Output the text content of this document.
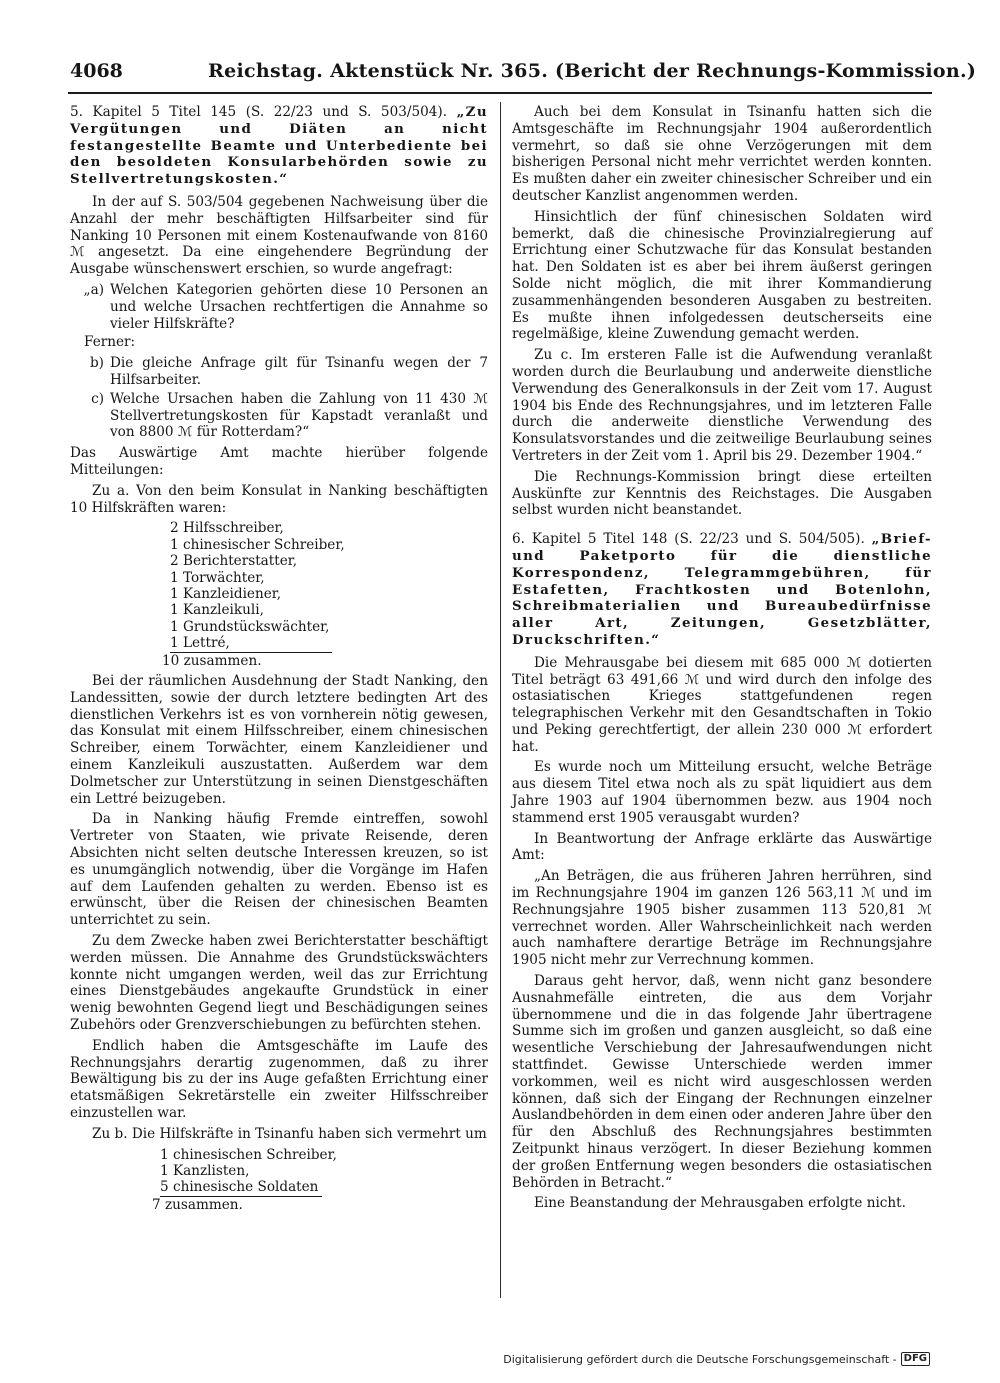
4068	Reichstag. Aktenstück Nr. 365. (Bericht der Rechnungs-Kommission.)
5. Kapitel 5 Titel 145 (S. 22/23 und S. 503/504). „Zu Vergütungen und Diäten an nicht festangestellte Beamte und Unterbediente bei den besoldeten Konsularbehörden sowie zu Stellvertretungskosten.“

In der auf S. 503/504 gegebenen Nachweisung über die Anzahl der mehr beschäftigten Hilfsarbeiter sind für Nanking 10 Personen mit einem Kostenaufwande von 8160 ℳ angesetzt. Da eine eingehendere Begründung der Ausgabe wünschenswert erschien, so wurde angefragt:

„a) Welchen Kategorien gehörten diese 10 Personen an und welche Ursachen rechtfertigen die Annahme so vieler Hilfskräfte?

Ferner:

b) Die gleiche Anfrage gilt für Tsinanfu wegen der 7 Hilfsarbeiter.
c) Welche Ursachen haben die Zahlung von 11 430 ℳ Stellvertretungskosten für Kapstadt veranlaßt und von 8800 ℳ für Rotterdam?“

Das Auswärtige Amt machte hierüber folgende Mitteilungen:

Zu a. Von den beim Konsulat in Nanking beschäftigten 10 Hilfskräften waren:

2 Hilfsschreiber,
1 chinesischer Schreiber,
2 Berichterstatter,
1 Torwächter,
1 Kanzleidiener,
1 Kanzleikuli,
1 Grundstückswächter,
1 Lettré,
10 zusammen.

Bei der räumlichen Ausdehnung der Stadt Nanking, den Landessitten, sowie der durch letztere bedingten Art des dienstlichen Verkehrs ist es von vornherein nötig gewesen, das Konsulat mit einem Hilfsschreiber, einem chinesischen Schreiber, einem Torwächter, einem Kanzleidiener und einem Kanzleikuli auszustatten. Außerdem war dem Dolmetscher zur Unterstützung in seinen Dienstgeschäften ein Lettré beizugeben.

Da in Nanking häufig Fremde eintreffen, sowohl Vertreter von Staaten, wie private Reisende, deren Absichten nicht selten deutsche Interessen kreuzen, so ist es unumgänglich notwendig, über die Vorgänge im Hafen auf dem Laufenden gehalten zu werden. Ebenso ist es erwünscht, über die Reisen der chinesischen Beamten unterrichtet zu sein.

Zu dem Zwecke haben zwei Berichterstatter beschäftigt werden müssen. Die Annahme des Grundstückswächters konnte nicht umgangen werden, weil das zur Errichtung eines Dienstgebäudes angekaufte Grundstück in einer wenig bewohnten Gegend liegt und Beschädigungen seines Zubehörs oder Grenzverschiebungen zu befürchten stehen.

Endlich haben die Amtsgeschäfte im Laufe des Rechnungsjahrs derartig zugenommen, daß zu ihrer Bewältigung bis zu der ins Auge gefaßten Errichtung einer etatsmäßigen Sekretärstelle ein zweiter Hilfsschreiber einzustellen war.

Zu b. Die Hilfskräfte in Tsinanfu haben sich vermehrt um

1 chinesischen Schreiber,
1 Kanzlisten,
5 chinesische Soldaten
7 zusammen.

Auch bei dem Konsulat in Tsinanfu hatten sich die Amtsgeschäfte im Rechnungsjahr 1904 außerordentlich vermehrt, so daß sie ohne Verzögerungen mit dem bisherigen Personal nicht mehr verrichtet werden konnten. Es mußten daher ein zweiter chinesischer Schreiber und ein deutscher Kanzlist angenommen werden.

Hinsichtlich der fünf chinesischen Soldaten wird bemerkt, daß die chinesische Provinzialregierung auf Errichtung einer Schutzwache für das Konsulat bestanden hat. Den Soldaten ist es aber bei ihrem äußerst geringen Solde nicht möglich, die mit ihrer Kommandierung zusammenhängenden besonderen Ausgaben zu bestreiten. Es mußte ihnen infolgedessen deutscherseits eine regelmäßige, kleine Zuwendung gemacht werden.

Zu c. Im ersteren Falle ist die Aufwendung veranlaßt worden durch die Beurlaubung und anderweite dienstliche Verwendung des Generalkonsuls in der Zeit vom 17. August 1904 bis Ende des Rechnungsjahres, und im letzteren Falle durch die anderweite dienstliche Verwendung des Konsulatsvorstandes und die zeitweilige Beurlaubung seines Vertreters in der Zeit vom 1. April bis 29. Dezember 1904.“

Die Rechnungs-Kommission bringt diese erteilten Auskünfte zur Kenntnis des Reichstages. Die Ausgaben selbst wurden nicht beanstandet.

6. Kapitel 5 Titel 148 (S. 22/23 und S. 504/505). „Brief- und Paketporto für die dienstliche Korrespondenz, Telegrammgebühren, für Estafetten, Frachtkosten und Botenlohn, Schreibmaterialien und Bureaubedürfnisse aller Art, Zeitungen, Gesetzblätter, Druckschriften.“

Die Mehrausgabe bei diesem mit 685 000 ℳ dotierten Titel beträgt 63 491,66 ℳ und wird durch den infolge des ostasiatischen Krieges stattgefundenen regen telegraphischen Verkehr mit den Gesandtschaften in Tokio und Peking gerechtfertigt, der allein 230 000 ℳ erfordert hat.

Es wurde noch um Mitteilung ersucht, welche Beträge aus diesem Titel etwa noch als zu spät liquidiert aus dem Jahre 1903 auf 1904 übernommen bezw. aus 1904 noch stammend erst 1905 verausgabt wurden?

In Beantwortung der Anfrage erklärte das Auswärtige Amt:

„An Beträgen, die aus früheren Jahren herrühren, sind im Rechnungsjahre 1904 im ganzen 126 563,11 ℳ und im Rechnungsjahre 1905 bisher zusammen 113 520,81 ℳ verrechnet worden. Aller Wahrscheinlichkeit nach werden auch namhaftere derartige Beträge im Rechnungsjahre 1905 nicht mehr zur Verrechnung kommen.

Daraus geht hervor, daß, wenn nicht ganz besondere Ausnahmefälle eintreten, die aus dem Vorjahr übernommene und die in das folgende Jahr übertragene Summe sich im großen und ganzen ausgleicht, so daß eine wesentliche Verschiebung der Jahresaufwendungen nicht stattfindet. Gewisse Unterschiede werden immer vorkommen, weil es nicht wird ausgeschlossen werden können, daß sich der Eingang der Rechnungen einzelner Auslandbehörden in dem einen oder anderen Jahre über den für den Abschluß des Rechnungsjahres bestimmten Zeitpunkt hinaus verzögert. In dieser Beziehung kommen der großen Entfernung wegen besonders die ostasiatischen Behörden in Betracht.“

Eine Beanstandung der Mehrausgaben erfolgte nicht.

Digitalisierung gefördert durch die Deutsche Forschungsgemeinschaft - DFG
